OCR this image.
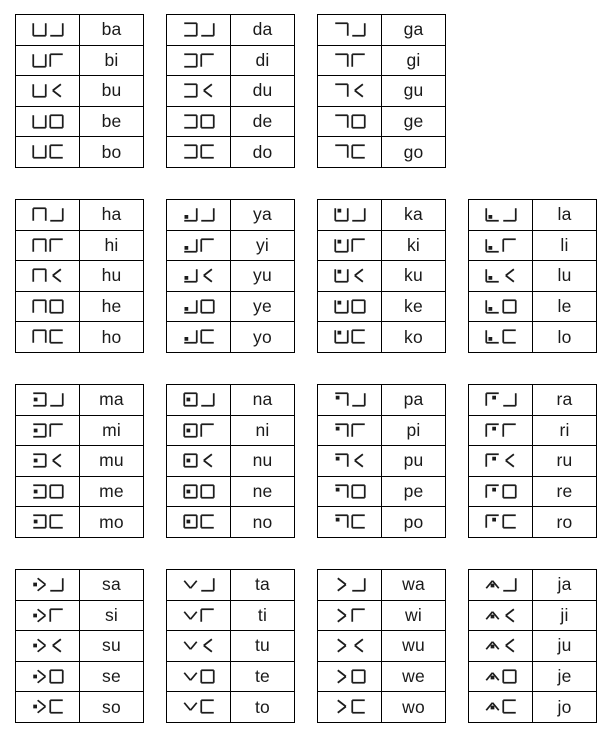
	ba

	bi

	bu

	be

	bo
	da

	di

	du

	de

	do
	ga

	gi

	gu

	ge

	go
	ha

	hi

	hu

	he

	ho
	ya

	yi

	yu

	ye

	yo
	ka

	ki

	ku

	ke

	ko
	la

	li

	lu

	le

	lo
	ma

	mi

	mu

	me

	mo
	na

	ni

	nu

	ne

	no
	pa

	pi

	pu

	pe

	po
	ra

	ri

	ru

	re

	ro
	sa

	si

	su

	se

	so
	ta

	ti

	tu

	te

	to
	wa

	wi

	wu

	we

	wo
	ja

	ji

	ju

	je

	jo
